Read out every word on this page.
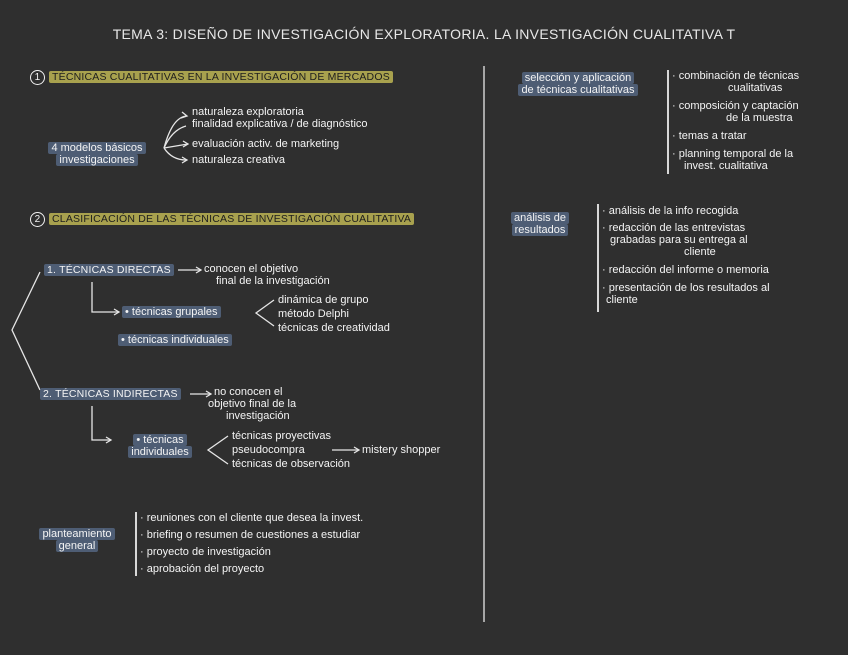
TEMA 3: DISEÑO DE INVESTIGACIÓN EXPLORATORIA. LA INVESTIGACIÓN CUALITATIVA T
1 TÉCNICAS CUALITATIVAS EN LA INVESTIGACIÓN DE MERCADOS
4 modelos básicos
investigaciones
naturaleza exploratoria
finalidad explicativa / de diagnóstico
evaluación activ. de marketing
naturaleza creativa
2 CLASIFICACIÓN DE LAS TÉCNICAS DE INVESTIGACIÓN CUALITATIVA
1. TÉCNICAS DIRECTAS	conocen el objetivo
final de la investigación
• técnicas grupales
dinámica de grupo
método Delphi
técnicas de creatividad
• técnicas individuales
2. TÉCNICAS INDIRECTAS	no conocen el
objetivo final de la
investigación
• técnicas
individuales
técnicas proyectivas
pseudocompra	mistery shopper
técnicas de observación
planteamiento
general
· reuniones con el cliente que desea la invest.
· briefing o resumen de cuestiones a estudiar
· proyecto de investigación
· aprobación del proyecto
selección y aplicación
de técnicas cualitativas
· combinación de técnicas
cualitativas
· composición y captación
de la muestra
· temas a tratar
· planning temporal de la
invest. cualitativa
análisis de
resultados
· análisis de la info recogida
· redacción de las entrevistas
grabadas para su entrega al
cliente
· redacción del informe o memoria
· presentación de los resultados al
cliente
